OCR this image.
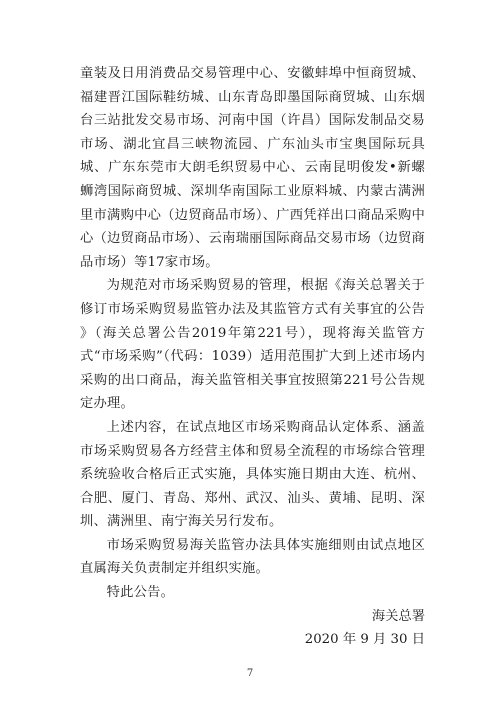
童装及日用消费品交易管理中心、安徽蚌埠中恒商贸城、福建晋江国际鞋纺城、山东青岛即墨国际商贸城、山东烟台三站批发交易市场、河南中国（许昌）国际发制品交易市场、湖北宜昌三峡物流园、广东汕头市宝奥国际玩具城、广东东莞市大朗毛织贸易中心、云南昆明俊发•新螺蛳湾国际商贸城、深圳华南国际工业原料城、内蒙古满洲里市满购中心（边贸商品市场）、广西凭祥出口商品采购中心（边贸商品市场）、云南瑞丽国际商品交易市场（边贸商品市场）等17家市场。

为规范对市场采购贸易的管理，根据《海关总署关于修订市场采购贸易监管办法及其监管方式有关事宜的公告 》（海关总署公告2019年第221号），现将海关监管方式“市场采购”（代码：1039）适用范围扩大到上述市场内采购的出口商品，海关监管相关事宜按照第221号公告规定办理。

上述内容，在试点地区市场采购商品认定体系、涵盖市场采购贸易各方经营主体和贸易全流程的市场综合管理系统验收合格后正式实施，具体实施日期由大连、杭州、合肥、厦门、青岛、郑州、武汉、汕头、黄埔、昆明、深圳、满洲里、南宁海关另行发布。

市场采购贸易海关监管办法具体实施细则由试点地区直属海关负责制定并组织实施。

特此公告。

海关总署

2020 年 9 月 30 日

7
